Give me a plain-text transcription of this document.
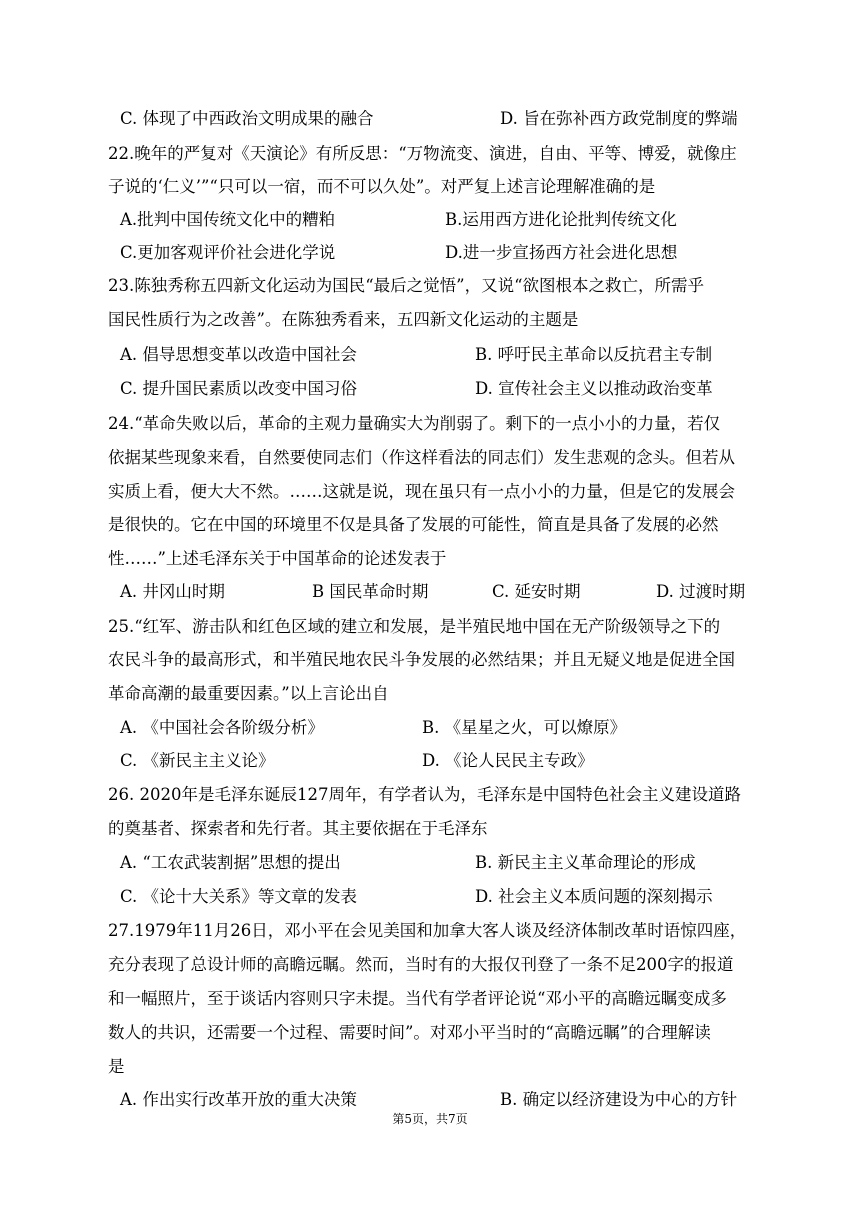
C. 体现了中西政治文明成果的融合	D. 旨在弥补西方政党制度的弊端
22.晚年的严复对《天演论》有所反思：“万物流变、演进，自由、平等、博爱，就像庄
子说的‘仁义’”“只可以一宿，而不可以久处”。对严复上述言论理解准确的是
A.批判中国传统文化中的糟粕	B.运用西方进化论批判传统文化
C.更加客观评价社会进化学说	D.进一步宣扬西方社会进化思想
23.陈独秀称五四新文化运动为国民“最后之觉悟”，又说“欲图根本之救亡，所需乎
国民性质行为之改善”。在陈独秀看来，五四新文化运动的主题是
A. 倡导思想变革以改造中国社会	B. 呼吁民主革命以反抗君主专制
C. 提升国民素质以改变中国习俗	D. 宣传社会主义以推动政治变革
24.“革命失败以后，革命的主观力量确实大为削弱了。剩下的一点小小的力量，若仅
依据某些现象来看，自然要使同志们（作这样看法的同志们）发生悲观的念头。但若从
实质上看，便大大不然。……这就是说，现在虽只有一点小小的力量，但是它的发展会
是很快的。它在中国的环境里不仅是具备了发展的可能性，简直是具备了发展的必然
性……”上述毛泽东关于中国革命的论述发表于
A. 井冈山时期	B 国民革命时期	C. 延安时期	D. 过渡时期
25.“红军、游击队和红色区域的建立和发展，是半殖民地中国在无产阶级领导之下的
农民斗争的最高形式，和半殖民地农民斗争发展的必然结果；并且无疑义地是促进全国
革命高潮的最重要因素。”以上言论出自
A. 《中国社会各阶级分析》	B. 《星星之火，可以燎原》
C. 《新民主主义论》	D. 《论人民民主专政》
26. 2020年是毛泽东诞辰127周年，有学者认为，毛泽东是中国特色社会主义建设道路
的奠基者、探索者和先行者。其主要依据在于毛泽东
A. “工农武装割据”思想的提出	B. 新民主主义革命理论的形成
C. 《论十大关系》等文章的发表	D. 社会主义本质问题的深刻揭示
27.1979年11月26日，邓小平在会见美国和加拿大客人谈及经济体制改革时语惊四座，
充分表现了总设计师的高瞻远瞩。然而，当时有的大报仅刊登了一条不足200字的报道
和一幅照片，至于谈话内容则只字未提。当代有学者评论说“邓小平的高瞻远瞩变成多
数人的共识，还需要一个过程、需要时间”。对邓小平当时的“高瞻远瞩”的合理解读
是
A. 作出实行改革开放的重大决策	B. 确定以经济建设为中心的方针
第5页，共7页
